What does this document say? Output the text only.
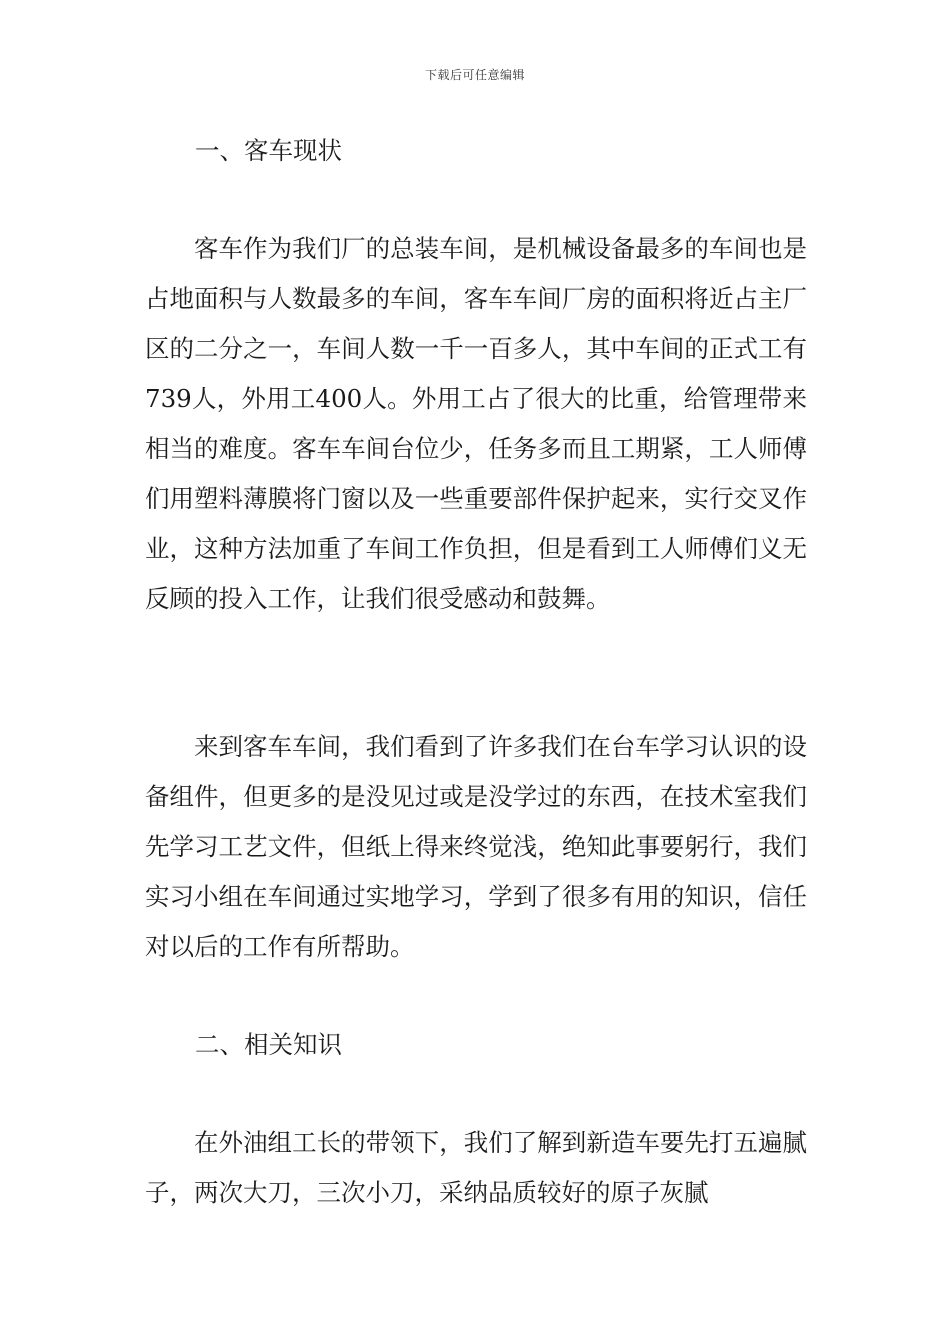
下载后可任意编辑
一、客车现状

客车作为我们厂的总装车间，是机械设备最多的车间也是占地面积与人数最多的车间，客车车间厂房的面积将近占主厂区的二分之一，车间人数一千一百多人，其中车间的正式工有739人，外用工400人。外用工占了很大的比重，给管理带来相当的难度。客车车间台位少，任务多而且工期紧，工人师傅们用塑料薄膜将门窗以及一些重要部件保护起来，实行交叉作业，这种方法加重了车间工作负担，但是看到工人师傅们义无反顾的投入工作，让我们很受感动和鼓舞。

来到客车车间，我们看到了许多我们在台车学习认识的设备组件，但更多的是没见过或是没学过的东西，在技术室我们先学习工艺文件，但纸上得来终觉浅，绝知此事要躬行，我们实习小组在车间通过实地学习，学到了很多有用的知识，信任对以后的工作有所帮助。

二、相关知识

在外油组工长的带领下，我们了解到新造车要先打五遍腻子，两次大刀，三次小刀，采纳品质较好的原子灰腻
